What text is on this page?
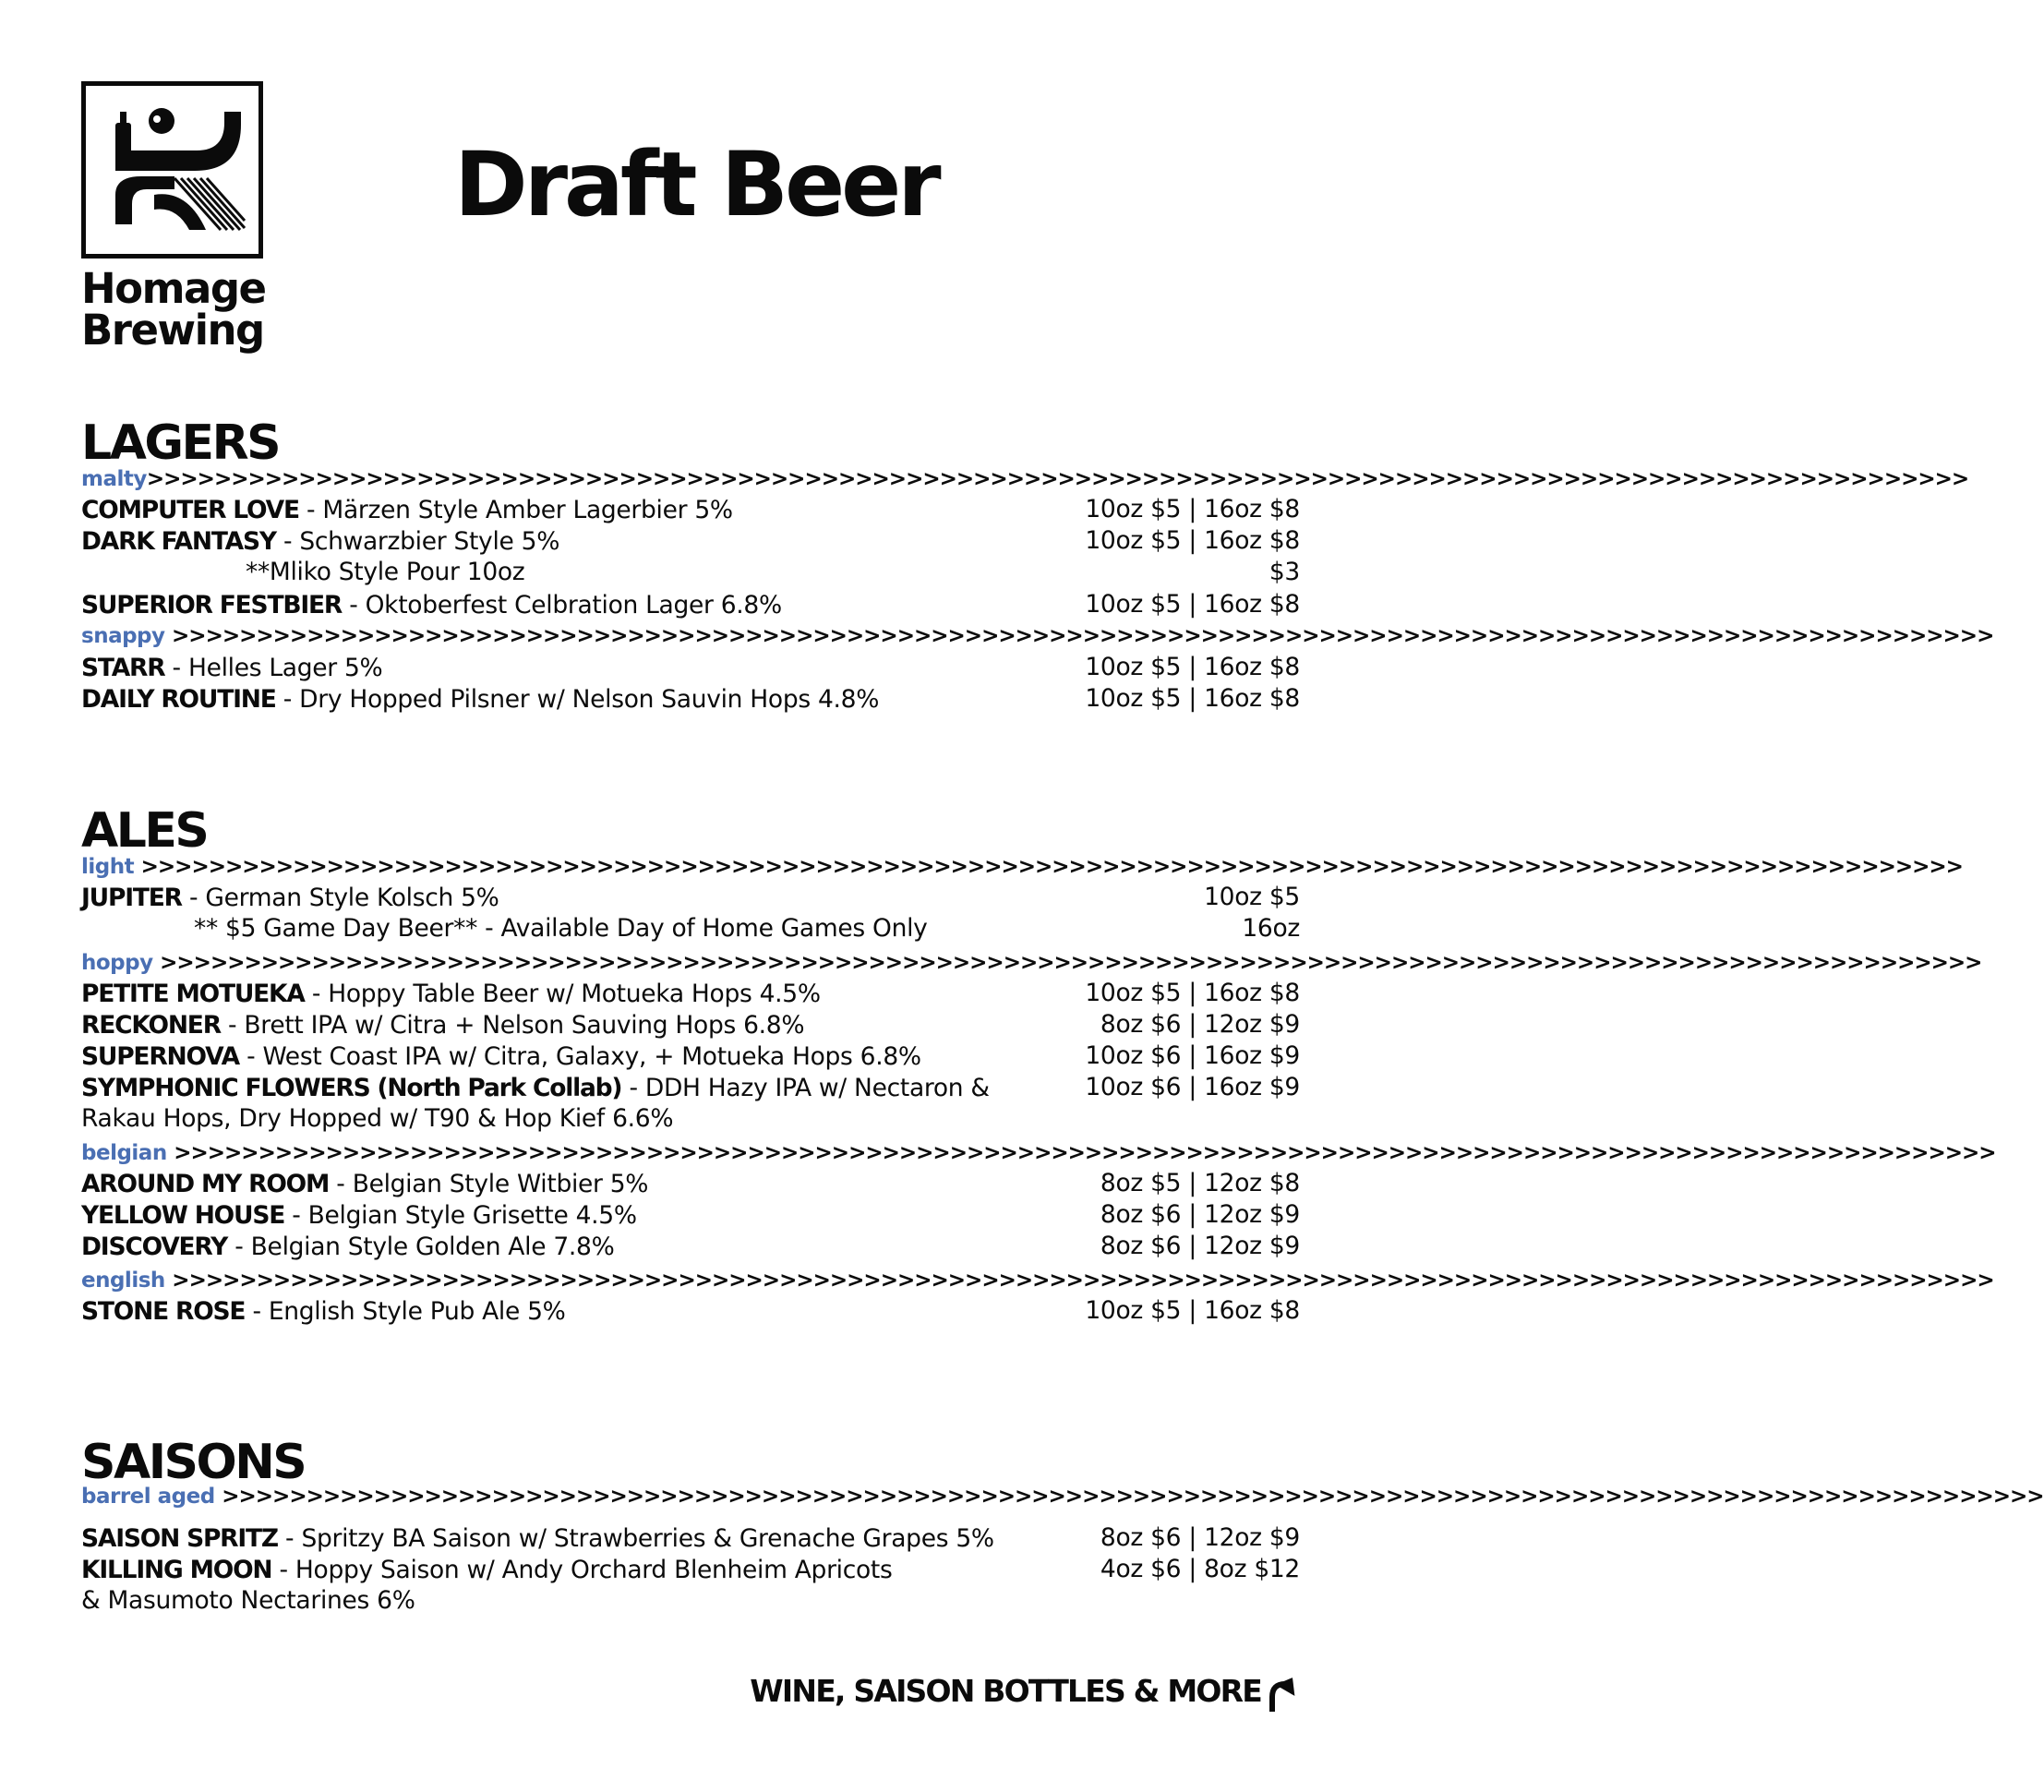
Homage
Brewing
Draft Beer
LAGERS
malty>>>>>>>>>>>>>>>>>>>>>>>>>>>>>>>>>>>>>>>>>>>>>>>>>>>>>>>>>>>>>>>>>>>>>>>>>>>>>>>>>>>>>>>>>>>>>>>>>>>>>>>>>>>>
COMPUTER LOVE - Märzen Style Amber Lagerbier 5%	10oz $5 | 16oz $8
DARK FANTASY - Schwarzbier Style 5%	10oz $5 | 16oz $8
**Mliko Style Pour 10oz	$3
SUPERIOR FESTBIER - Oktoberfest Celbration Lager 6.8%	10oz $5 | 16oz $8
snappy >>>>>>>>>>>>>>>>>>>>>>>>>>>>>>>>>>>>>>>>>>>>>>>>>>>>>>>>>>>>>>>>>>>>>>>>>>>>>>>>>>>>>>>>>>>>>>>>>>>>>>>>>>>>
STARR - Helles Lager 5%	10oz $5 | 16oz $8
DAILY ROUTINE - Dry Hopped Pilsner w/ Nelson Sauvin Hops 4.8%	10oz $5 | 16oz $8
ALES
light >>>>>>>>>>>>>>>>>>>>>>>>>>>>>>>>>>>>>>>>>>>>>>>>>>>>>>>>>>>>>>>>>>>>>>>>>>>>>>>>>>>>>>>>>>>>>>>>>>>>>>>>>>>>
JUPITER - German Style Kolsch 5%	10oz $5
** $5 Game Day Beer** - Available Day of Home Games Only	16oz
hoppy >>>>>>>>>>>>>>>>>>>>>>>>>>>>>>>>>>>>>>>>>>>>>>>>>>>>>>>>>>>>>>>>>>>>>>>>>>>>>>>>>>>>>>>>>>>>>>>>>>>>>>>>>>>>
PETITE MOTUEKA - Hoppy Table Beer w/ Motueka Hops 4.5%	10oz $5 | 16oz $8
RECKONER - Brett IPA w/ Citra + Nelson Sauving Hops 6.8%	8oz $6 | 12oz $9
SUPERNOVA - West Coast IPA w/ Citra, Galaxy, + Motueka Hops 6.8%	10oz $6 | 16oz $9
SYMPHONIC FLOWERS (North Park Collab) - DDH Hazy IPA w/ Nectaron &	10oz $6 | 16oz $9
Rakau Hops, Dry Hopped w/ T90 & Hop Kief 6.6%
belgian >>>>>>>>>>>>>>>>>>>>>>>>>>>>>>>>>>>>>>>>>>>>>>>>>>>>>>>>>>>>>>>>>>>>>>>>>>>>>>>>>>>>>>>>>>>>>>>>>>>>>>>>>>>>
AROUND MY ROOM - Belgian Style Witbier 5%	8oz $5 | 12oz $8
YELLOW HOUSE - Belgian Style Grisette 4.5%	8oz $6 | 12oz $9
DISCOVERY - Belgian Style Golden Ale 7.8%	8oz $6 | 12oz $9
english >>>>>>>>>>>>>>>>>>>>>>>>>>>>>>>>>>>>>>>>>>>>>>>>>>>>>>>>>>>>>>>>>>>>>>>>>>>>>>>>>>>>>>>>>>>>>>>>>>>>>>>>>>>>
STONE ROSE - English Style Pub Ale 5%	10oz $5 | 16oz $8
SAISONS
barrel aged >>>>>>>>>>>>>>>>>>>>>>>>>>>>>>>>>>>>>>>>>>>>>>>>>>>>>>>>>>>>>>>>>>>>>>>>>>>>>>>>>>>>>>>>>>>>>>>>>>>>>>>>>>>>
SAISON SPRITZ - Spritzy BA Saison w/ Strawberries & Grenache Grapes 5%	8oz $6 | 12oz $9
KILLING MOON - Hoppy Saison w/ Andy Orchard Blenheim Apricots	4oz $6 | 8oz $12
& Masumoto Nectarines 6%
WINE, SAISON BOTTLES & MORE
